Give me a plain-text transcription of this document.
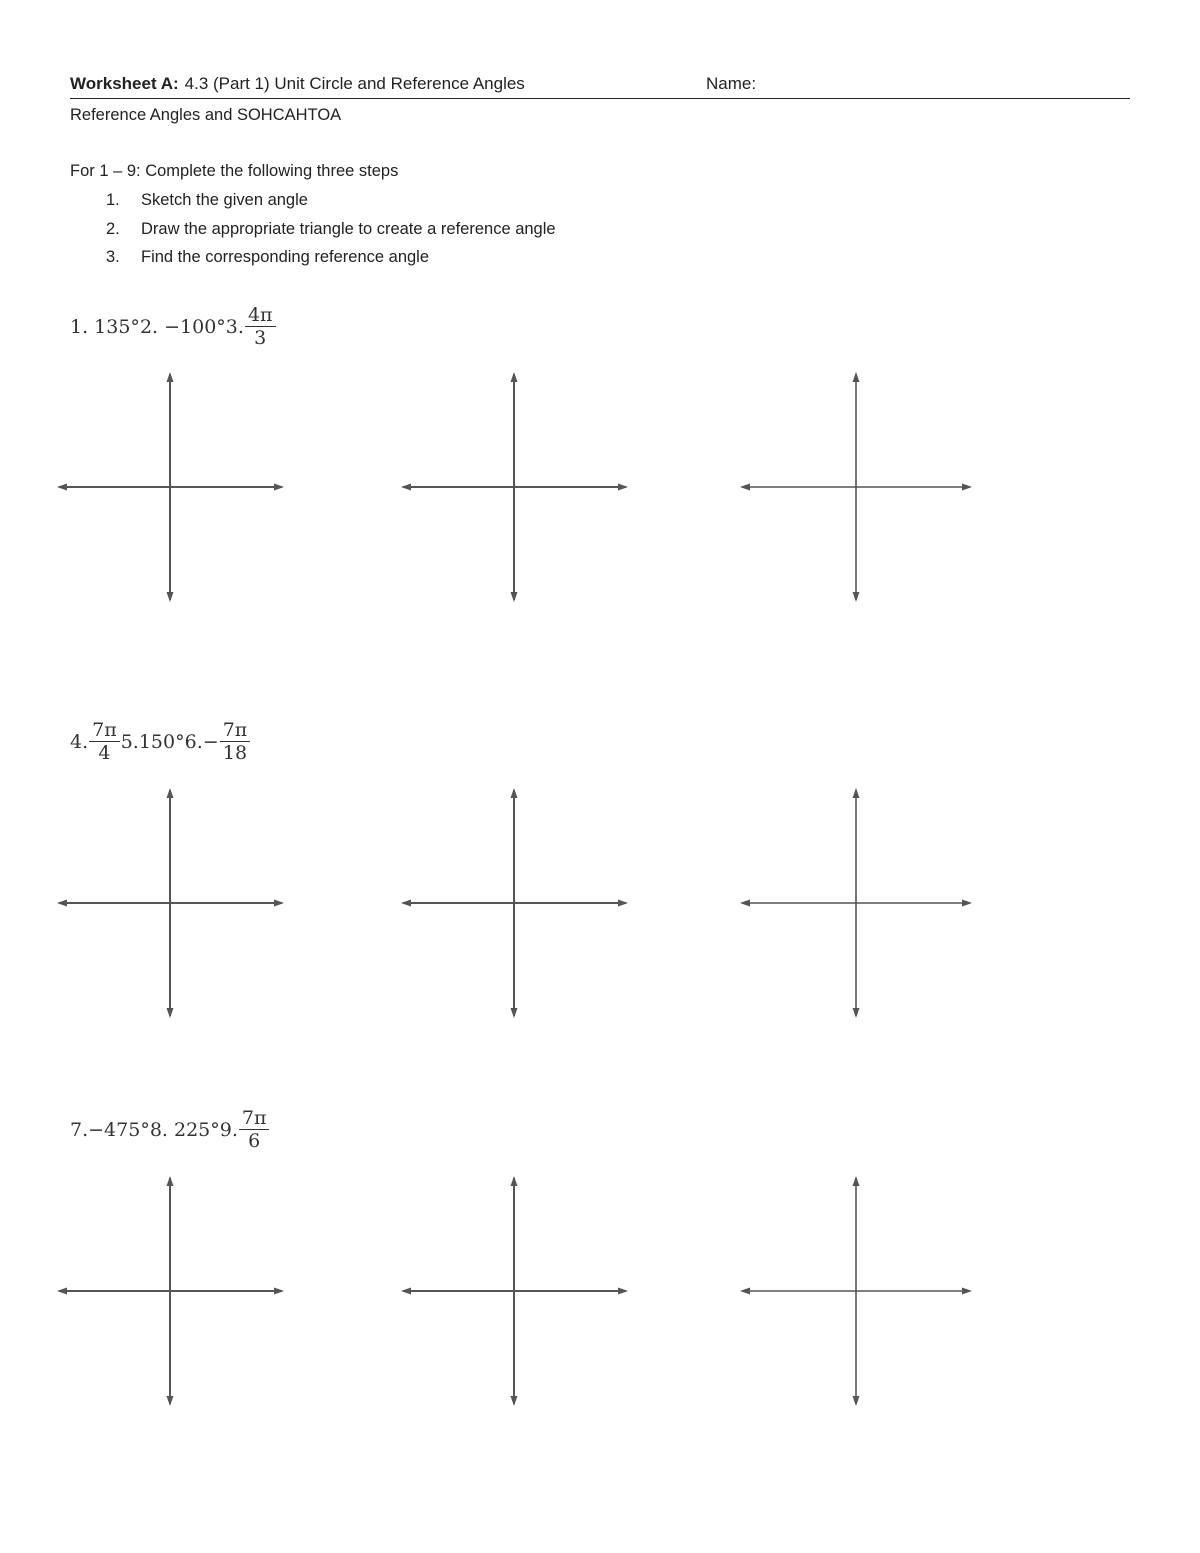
Worksheet A: 4.3 (Part 1) Unit Circle and Reference Angles	Name:
Reference Angles and SOHCAHTOA
For 1 – 9: Complete the following three steps
1.	Sketch the given angle
2.	Draw the appropriate triangle to create a reference angle
3.	Find the corresponding reference angle
1. 135° 2. −100° 3. $\frac{4\pi}{3}$
4. $\frac{7\pi}{4} 5.150^\circ$ $6.- \frac{7\pi}{18}$
7.−475° 8. 225° 9. $\frac{7\pi}{6}$
